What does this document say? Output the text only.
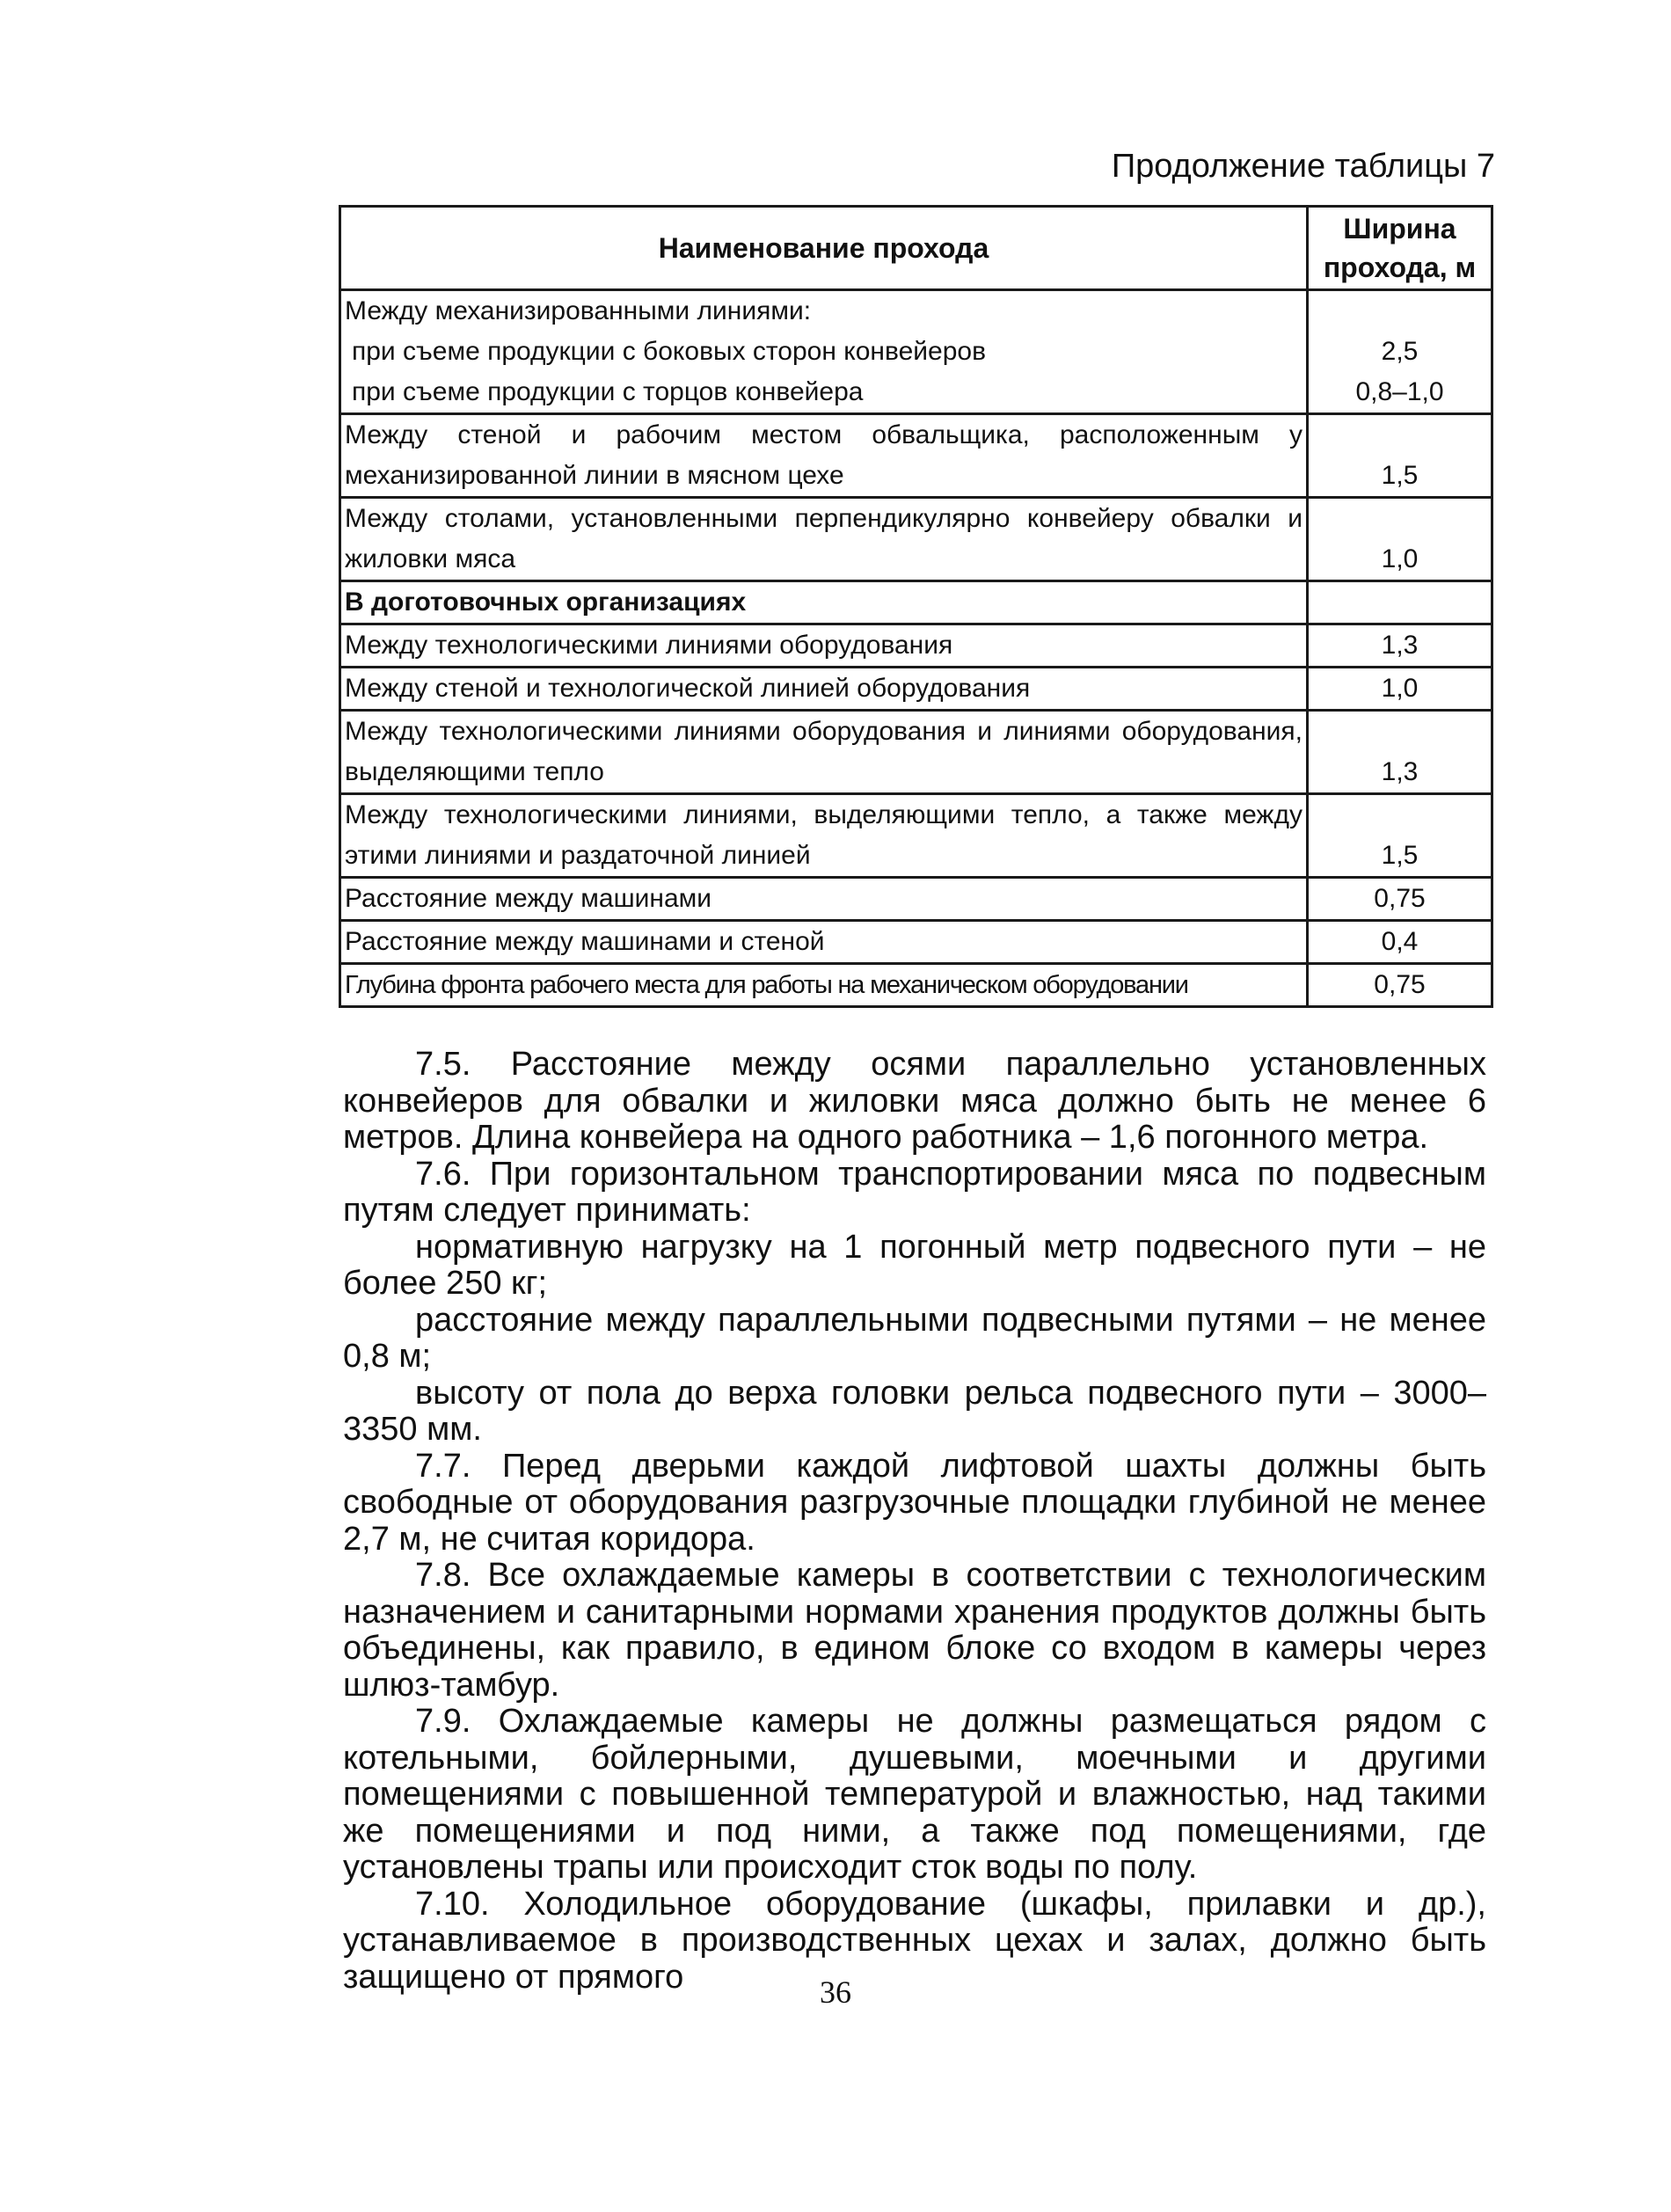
Продолжение таблицы 7
Наименование прохода	Ширина
прохода, м
Между механизированными линиями:	
при съеме продукции с боковых сторон конвейеров	2,5
при съеме продукции с торцов конвейера	0,8–1,0
Между стеной и рабочим местом обвальщика, расположенным у механизированной линии в мясном цехе	1,5
Между столами, установленными перпендикулярно конвейеру обвалки и жиловки мяса	1,0
В доготовочных организациях	
Между технологическими линиями оборудования	1,3
Между стеной и технологической линией оборудования	1,0
Между технологическими линиями оборудования и линиями оборудования, выделяющими тепло	1,3
Между технологическими линиями, выделяющими тепло, а также между этими линиями и раздаточной линией	1,5
Расстояние между машинами	0,75
Расстояние между машинами и стеной	0,4
Глубина фронта рабочего места для работы на механическом оборудовании	0,75

7.5. Расстояние между осями параллельно установленных конвейеров для обвалки и жиловки мяса должно быть не менее 6 метров. Длина конвейера на одного работника – 1,6 погонного метра.

7.6. При горизонтальном транспортировании мяса по подвесным путям следует принимать:

нормативную нагрузку на 1 погонный метр подвесного пути – не более 250 кг;

расстояние между параллельными подвесными путями – не менее 0,8 м;

высоту от пола до верха головки рельса подвесного пути – 3000–3350 мм.

7.7. Перед дверьми каждой лифтовой шахты должны быть свободные от оборудования разгрузочные площадки глубиной не менее 2,7 м, не считая коридора.

7.8. Все охлаждаемые камеры в соответствии с технологическим назначением и санитарными нормами хранения продуктов должны быть объединены, как правило, в едином блоке со входом в камеры через шлюз-тамбур.

7.9. Охлаждаемые камеры не должны размещаться рядом с котельными, бойлерными, душевыми, моечными и другими помещениями с повышенной температурой и влажностью, над такими же помещениями и под ними, а также под помещениями, где установлены трапы или происходит сток воды по полу.

7.10. Холодильное оборудование (шкафы, прилавки и др.), устанавливаемое в производственных цехах и залах, должно быть защищено от прямого	36
